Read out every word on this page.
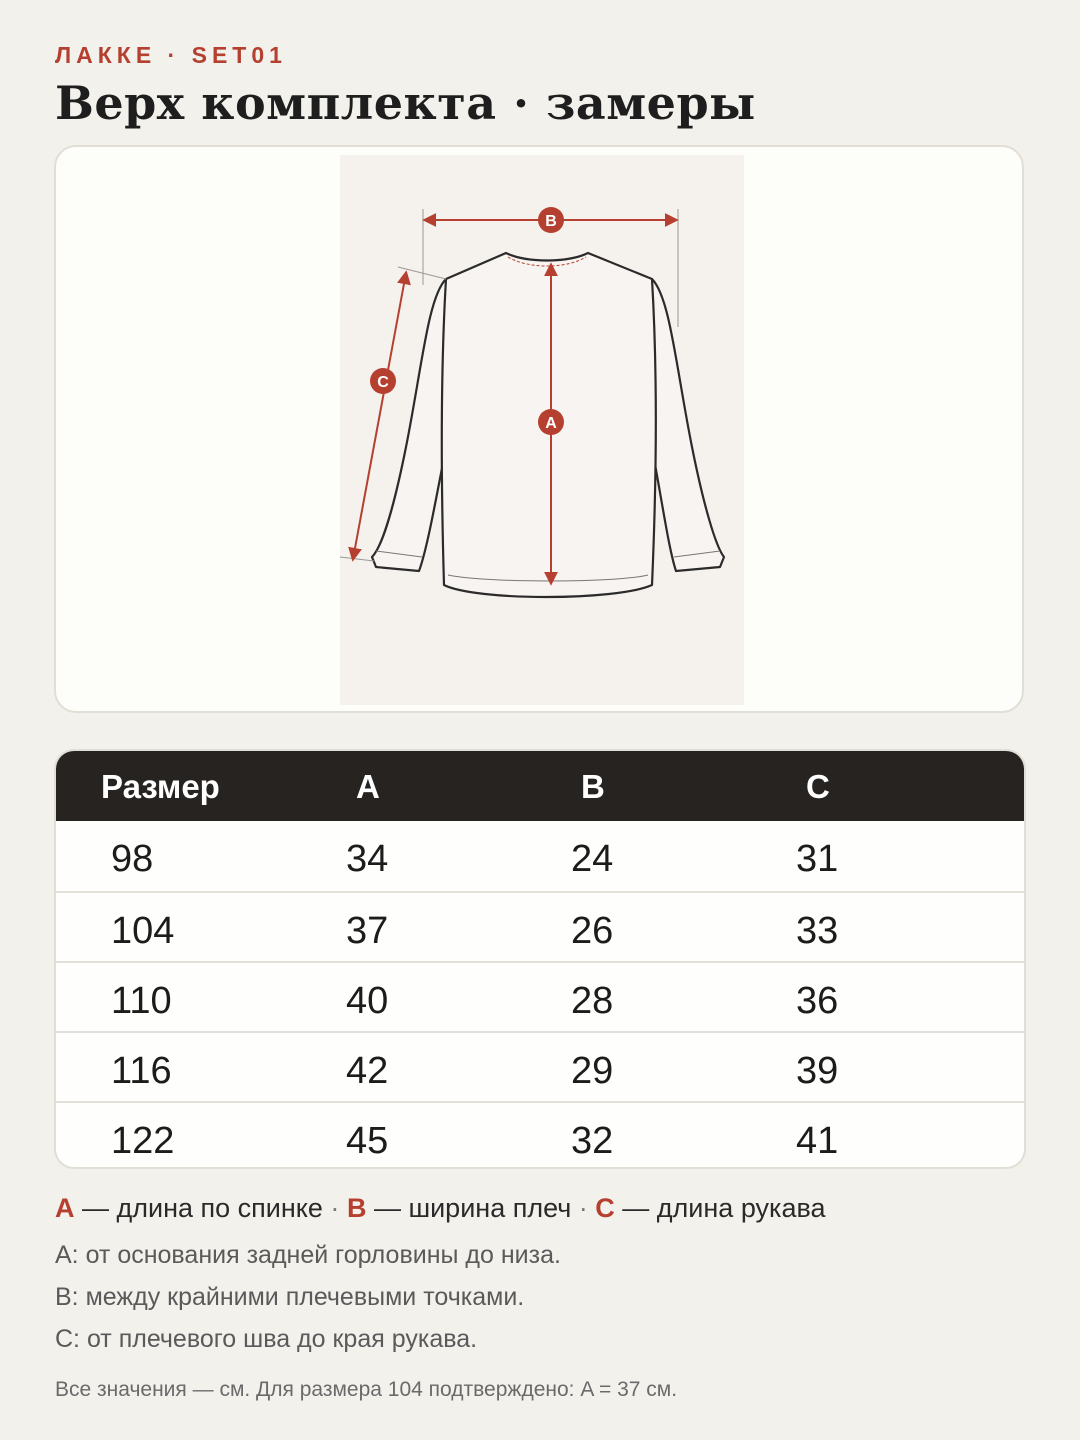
ЛАККЕ · SET01
Верх комплекта · замеры
A
B
C
Размер	A	B	C
98	34	24	31
104	37	26	33
110	40	28	36
116	42	29	39
122	45	32	41
A — длина по спинке · B — ширина плеч · C — длина рукава
A: от основания задней горловины до низа.
B: между крайними плечевыми точками.
C: от плечевого шва до края рукава.
Все значения — см. Для размера 104 подтверждено: A = 37 см.
